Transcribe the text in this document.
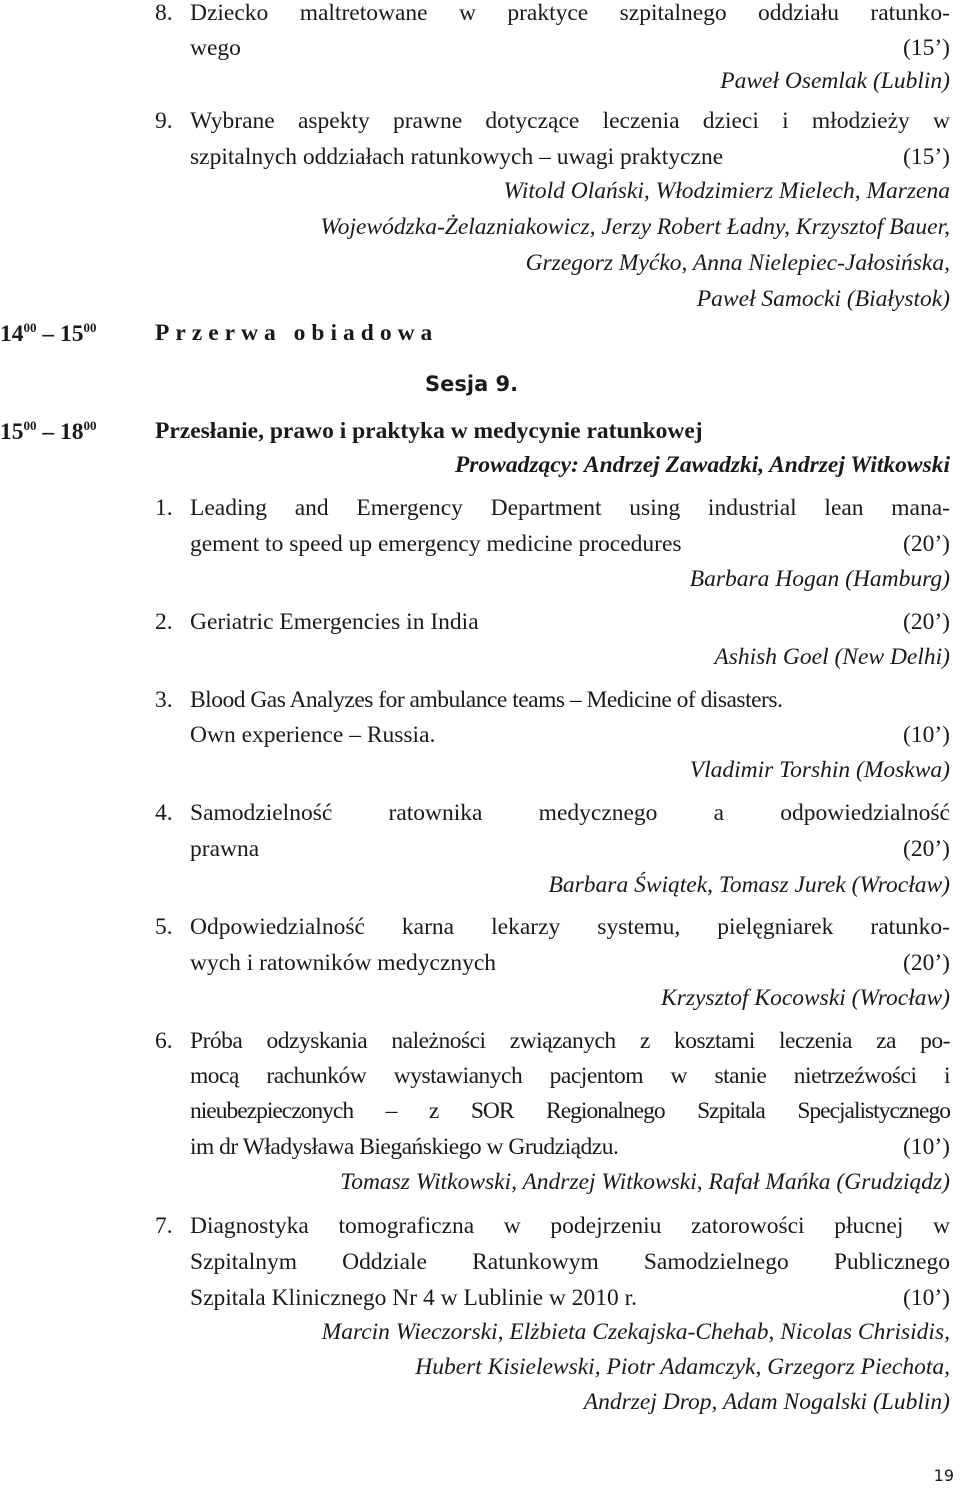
8. Dziecko maltretowane w praktyce szpitalnego oddziału ratunko-
wego	(15’)
Paweł Osemlak (Lublin)
9. Wybrane aspekty prawne dotyczące leczenia dzieci i młodzieży w
szpitalnych oddziałach ratunkowych – uwagi praktyczne	(15’)
Witold Olański, Włodzimierz Mielech, Marzena
Wojewódzka-Żelazniakowicz, Jerzy Robert Ładny, Krzysztof Bauer,
Grzegorz Myćko, Anna Nielepiec-Jałosińska,
Paweł Samocki (Białystok)
$14^{00} - 15^{00}$ Przerwa obiadowa
Sesja 9.
$15^{00} - 18^{00}$ Przesłanie, prawo i praktyka w medycynie ratunkowej
Prowadzący: Andrzej Zawadzki, Andrzej Witkowski
1. Leading and Emergency Department using industrial lean mana-
gement to speed up emergency medicine procedures	(20’)
Barbara Hogan (Hamburg)
2. Geriatric Emergencies in India	(20’)
Ashish Goel (New Delhi)
3. Blood Gas Analyzes for ambulance teams – Medicine of disasters.
Own experience – Russia.	(10’)
Vladimir Torshin (Moskwa)
4. Samodzielność ratownika medycznego a odpowiedzialność
prawna	(20’)
Barbara Świątek, Tomasz Jurek (Wrocław)
5. Odpowiedzialność karna lekarzy systemu, pielęgniarek ratunko-
wych i ratowników medycznych	(20’)
Krzysztof Kocowski (Wrocław)
6. Próba odzyskania należności związanych z kosztami leczenia za po-
mocą rachunków wystawianych pacjentom w stanie nietrzeźwości i
nieubezpieczonych – z SOR Regionalnego Szpitala Specjalistycznego
im dr Władysława Biegańskiego w Grudziądzu.	(10’)
Tomasz Witkowski, Andrzej Witkowski, Rafał Mańka (Grudziądz)
7. Diagnostyka tomograficzna w podejrzeniu zatorowości płucnej w
Szpitalnym Oddziale Ratunkowym Samodzielnego Publicznego
Szpitala Klinicznego Nr 4 w Lublinie w 2010 r.	(10’)
Marcin Wieczorski, Elżbieta Czekajska-Chehab, Nicolas Chrisidis,
Hubert Kisielewski, Piotr Adamczyk, Grzegorz Piechota,
Andrzej Drop, Adam Nogalski (Lublin)
19
